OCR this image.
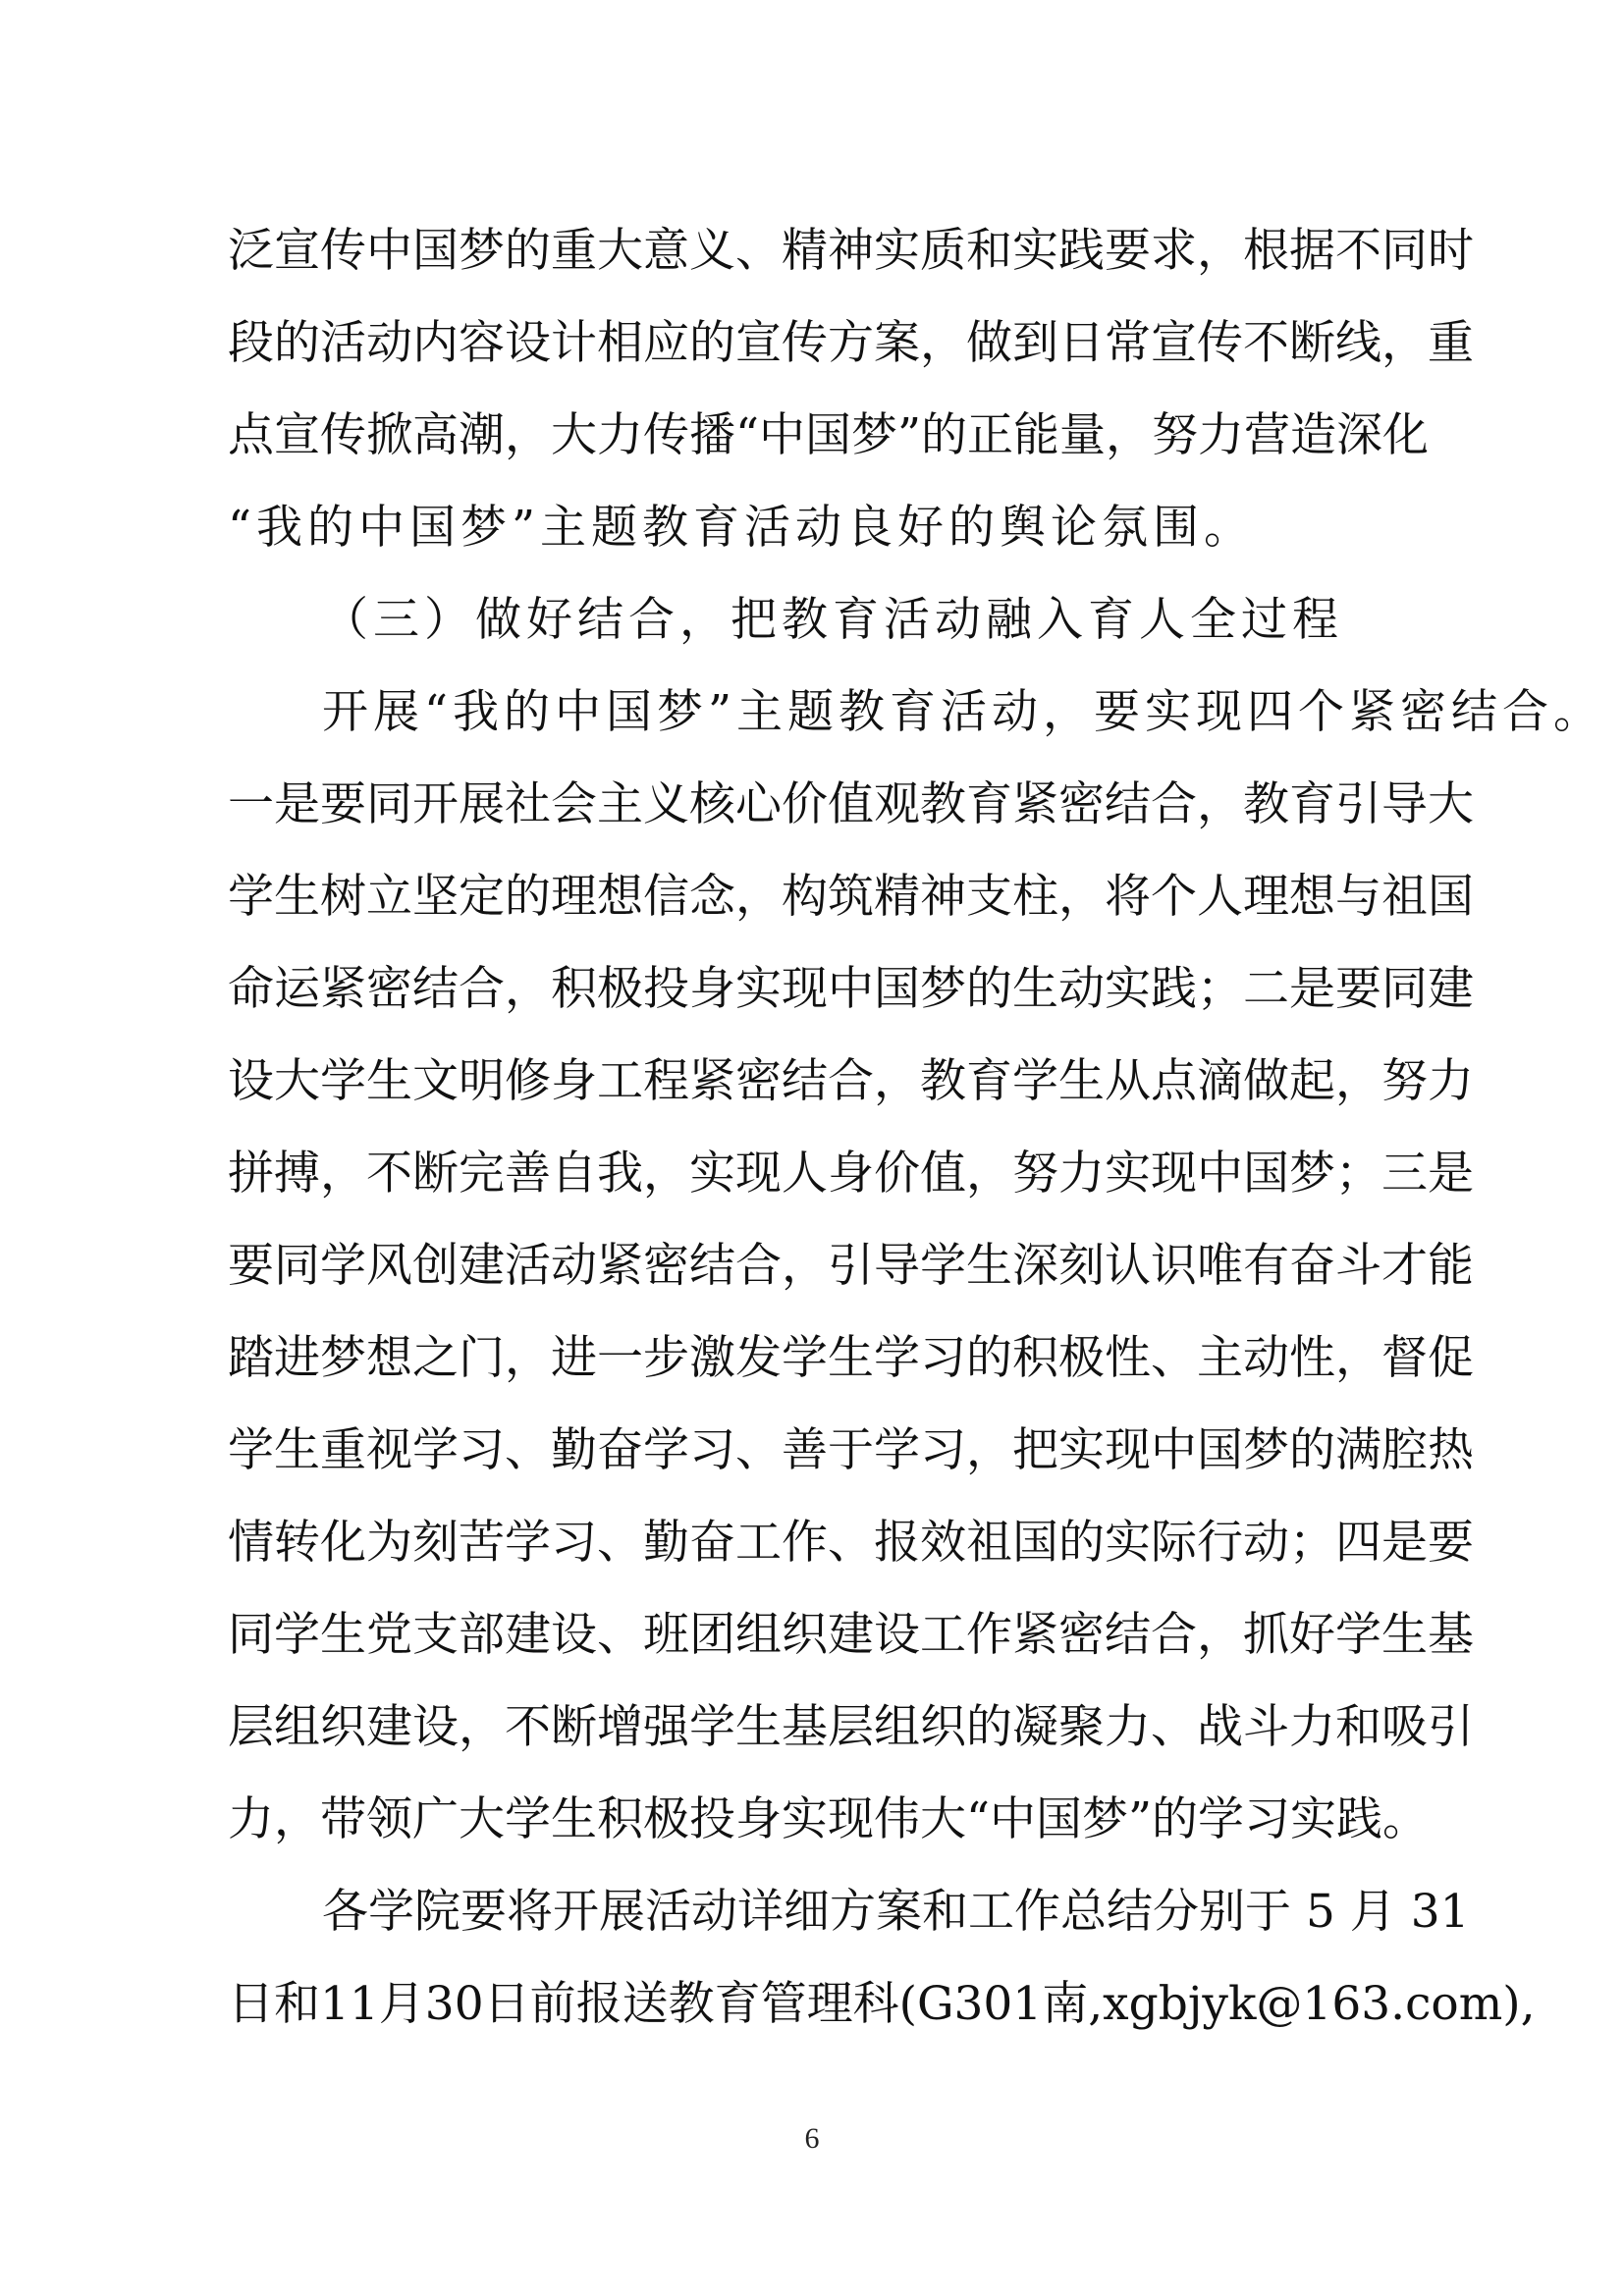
泛宣传中国梦的重大意义、精神实质和实践要求，根据不同时
段的活动内容设计相应的宣传方案，做到日常宣传不断线，重
点宣传掀高潮，大力传播“中国梦”的正能量，努力营造深化
“我的中国梦”主题教育活动良好的舆论氛围。
（三）做好结合，把教育活动融入育人全过程
开展“我的中国梦”主题教育活动，要实现四个紧密结合。
一是要同开展社会主义核心价值观教育紧密结合，教育引导大
学生树立坚定的理想信念，构筑精神支柱，将个人理想与祖国
命运紧密结合，积极投身实现中国梦的生动实践；二是要同建
设大学生文明修身工程紧密结合，教育学生从点滴做起，努力
拼搏，不断完善自我，实现人身价值，努力实现中国梦；三是
要同学风创建活动紧密结合，引导学生深刻认识唯有奋斗才能
踏进梦想之门，进一步激发学生学习的积极性、主动性，督促
学生重视学习、勤奋学习、善于学习，把实现中国梦的满腔热
情转化为刻苦学习、勤奋工作、报效祖国的实际行动；四是要
同学生党支部建设、班团组织建设工作紧密结合，抓好学生基
层组织建设，不断增强学生基层组织的凝聚力、战斗力和吸引
力，带领广大学生积极投身实现伟大“中国梦”的学习实践。
各学院要将开展活动详细方案和工作总结分别于 5 月 31
日和11月30日前报送教育管理科(G301南,xgbjyk@163.com),
6
